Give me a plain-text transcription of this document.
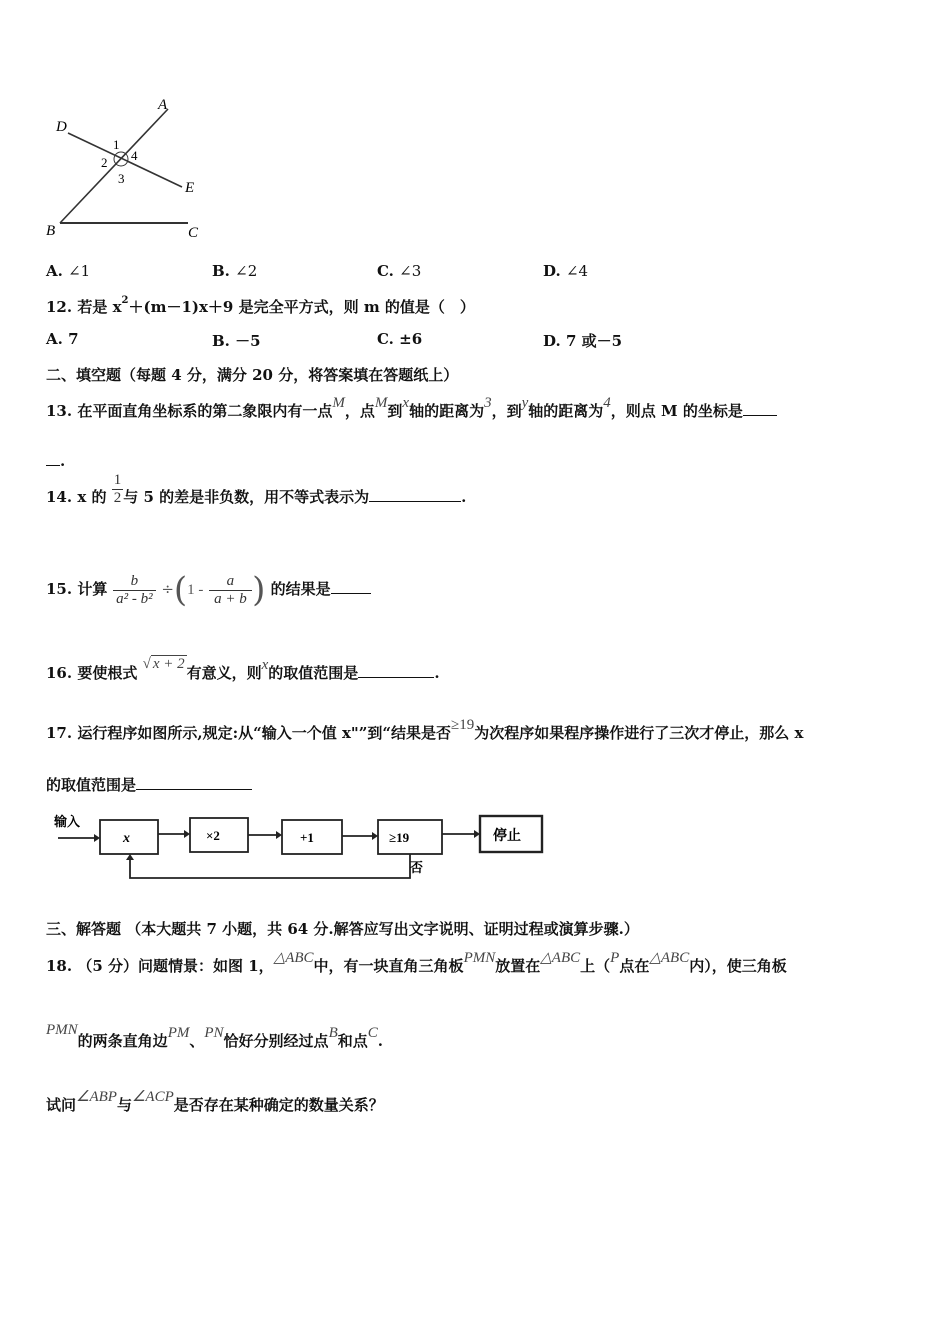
D
A
E
B	C
1
2
3
4
A. ∠1	B. ∠2	C. ∠3	D. ∠4
12. 若是 $x^2+(m-1)x+9$ 是完全平方式，则 m 的值是（　）
A. 7	B. －5	C. ±6	D. 7 或－5
二、填空题（每题 4 分，满分 20 分，将答案填在答题纸上）
13. 在平面直角坐标系的第二象限内有一点M，点M到x轴的距离为3，到y轴的距离为4，则点 M 的坐标是
.
14. x 的 $\frac{1}{2}$ 与 5 的差是非负数，用不等式表示为	.
15. 计算 $\frac{b}{\text{a² - b²}} \div(1 - \frac{a}{a + b}$ ) 的结果是
16. 要使根式 √ x + 2 有意义，则x的取值范围是	.
17. 运行程序如图所示,规定:从“输入一个值 x"”到“结果是否≥19为次程序如果程序操作进行了三次才停止，那么 x
的取值范围是
输入
x	×2	+1	≥19	停止
否
三、解答题 （本大题共 7 小题，共 64 分.解答应写出文字说明、证明过程或演算步骤.）
18. （5 分）问题情景：如图 1，△ABC中，有一块直角三角板PMN放置在△ABC上（P点在△ABC内），使三角板
PMN的两条直角边PM、PN恰好分别经过点B和点C.
试问∠ABP与∠ACP是否存在某种确定的数量关系？
